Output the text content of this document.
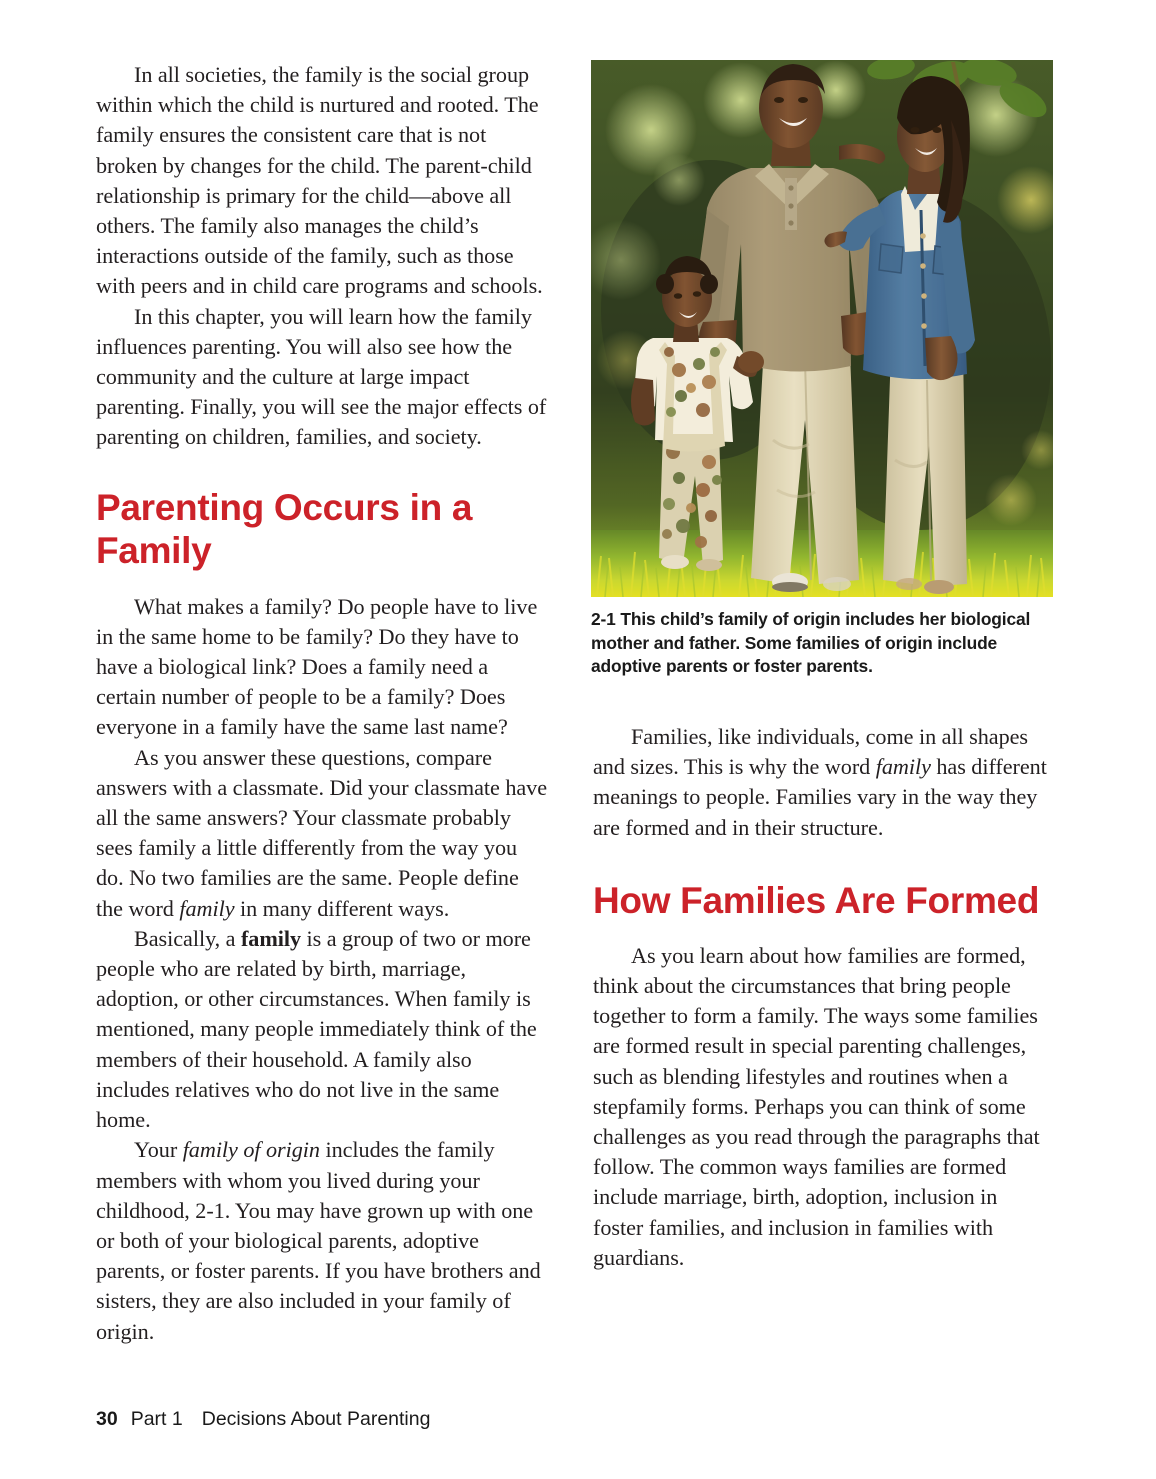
In all societies, the family is the social group within which the child is nurtured and rooted. The family ensures the consistent care that is not broken by changes for the child. The parent-child relationship is primary for the child—above all others. The family also manages the child’s interactions outside of the family, such as those with peers and in child care programs and schools.

In this chapter, you will learn how the family influences parenting. You will also see how the community and the culture at large impact parenting. Finally, you will see the major effects of parenting on children, families, and society.

Parenting Occurs in a Family

What makes a family? Do people have to live in the same home to be family? Do they have to have a biological link? Does a family need a certain number of people to be a family? Does everyone in a family have the same last name?

As you answer these questions, compare answers with a classmate. Did your classmate have all the same answers? Your classmate probably sees family a little differently from the way you do. No two families are the same. People define the word family in many different ways.

Basically, a family is a group of two or more people who are related by birth, marriage, adoption, or other circumstances. When family is mentioned, many people immediately think of the members of their household. A family also includes relatives who do not live in the same home.

Your family of origin includes the family members with whom you lived during your childhood, 2-1. You may have grown up with one or both of your biological parents, adoptive parents, or foster parents. If you have brothers and sisters, they are also included in your family of origin.

2-1 This child’s family of origin includes her biological mother and father. Some families of origin include adoptive parents or foster parents.

Families, like individuals, come in all shapes and sizes. This is why the word family has different meanings to people. Families vary in the way they are formed and in their structure.

How Families Are Formed

As you learn about how families are formed, think about the circumstances that bring people together to form a family. The ways some families are formed result in special parenting challenges, such as blending lifestyles and routines when a stepfamily forms. Perhaps you can think of some challenges as you read through the paragraphs that follow. The common ways families are formed include marriage, birth, adoption, inclusion in foster families, and inclusion in families with guardians.

30 Part 1 Decisions About Parenting
